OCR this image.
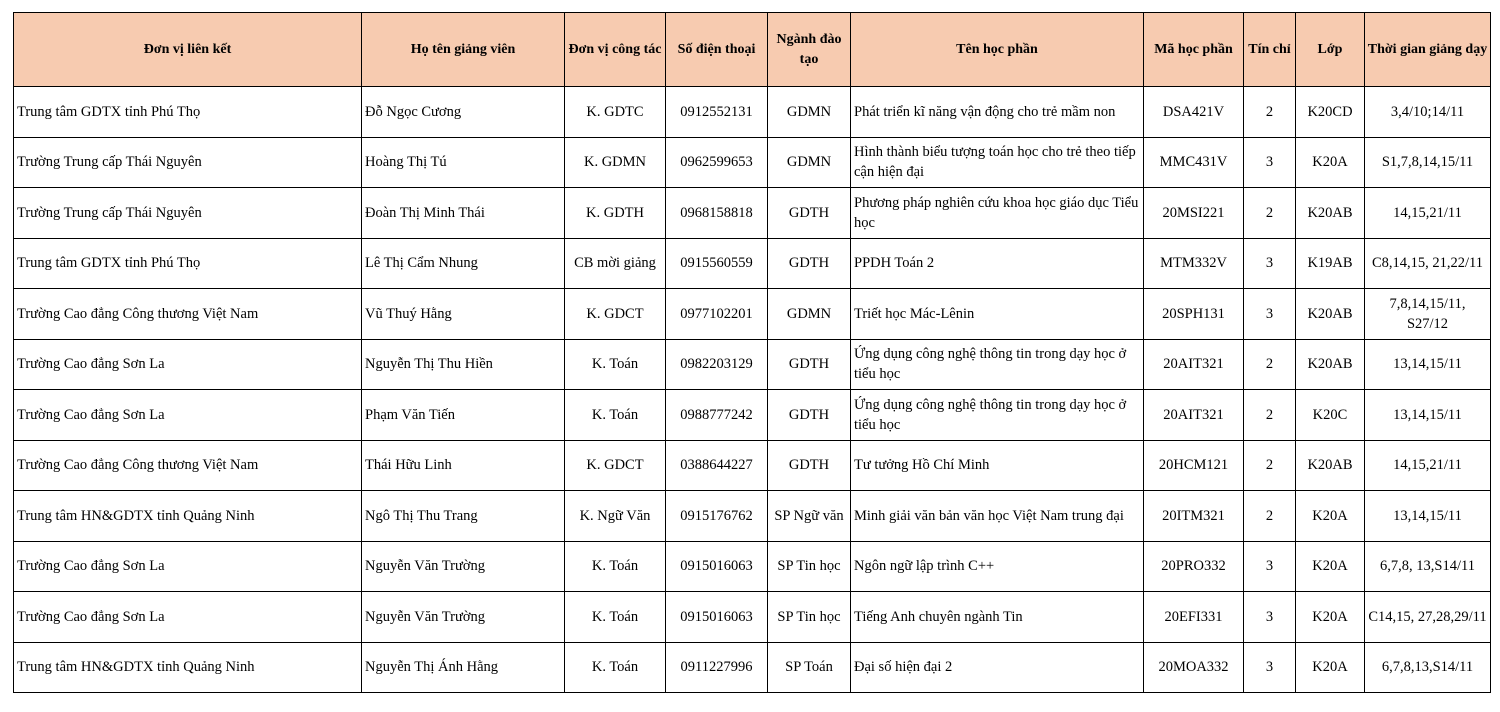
Đơn vị liên kết	Họ tên giảng viên	Đơn vị công tác	Số điện thoại	Ngành đào tạo	Tên học phần	Mã học phần	Tín chỉ	Lớp	Thời gian giảng dạy
Trung tâm GDTX tỉnh Phú Thọ	Đỗ Ngọc Cương	K. GDTC	0912552131	GDMN	Phát triển kĩ năng vận động cho trẻ mầm non	DSA421V	2	K20CD	3,4/10;14/11
Trường Trung cấp Thái Nguyên	Hoàng Thị Tú	K. GDMN	0962599653	GDMN	Hình thành biểu tượng toán học cho trẻ theo tiếp cận hiện đại	MMC431V	3	K20A	S1,7,8,14,15/11
Trường Trung cấp Thái Nguyên	Đoàn Thị Minh Thái	K. GDTH	0968158818	GDTH	Phương pháp nghiên cứu khoa học giáo dục Tiểu học	20MSI221	2	K20AB	14,15,21/11
Trung tâm GDTX tỉnh Phú Thọ	Lê Thị Cẩm Nhung	CB mời giảng	0915560559	GDTH	PPDH Toán 2	MTM332V	3	K19AB	C8,14,15, 21,22/11
Trường Cao đẳng Công thương Việt Nam	Vũ Thuý Hằng	K. GDCT	0977102201	GDMN	Triết học Mác-Lênin	20SPH131	3	K20AB	7,8,14,15/11, S27/12
Trường Cao đẳng Sơn La	Nguyễn Thị Thu Hiền	K. Toán	0982203129	GDTH	Ứng dụng công nghệ thông tin trong dạy học ở tiểu học	20AIT321	2	K20AB	13,14,15/11
Trường Cao đẳng Sơn La	Phạm Văn Tiến	K. Toán	0988777242	GDTH	Ứng dụng công nghệ thông tin trong dạy học ở tiểu học	20AIT321	2	K20C	13,14,15/11
Trường Cao đẳng Công thương Việt Nam	Thái Hữu Linh	K. GDCT	0388644227	GDTH	Tư tưởng Hồ Chí Minh	20HCM121	2	K20AB	14,15,21/11
Trung tâm HN&GDTX tỉnh Quảng Ninh	Ngô Thị Thu Trang	K. Ngữ Văn	0915176762	SP Ngữ văn	Minh giải văn bản văn học Việt Nam trung đại	20ITM321	2	K20A	13,14,15/11
Trường Cao đẳng Sơn La	Nguyễn Văn Trường	K. Toán	0915016063	SP Tin học	Ngôn ngữ lập trình C++	20PRO332	3	K20A	6,7,8, 13,S14/11
Trường Cao đẳng Sơn La	Nguyễn Văn Trường	K. Toán	0915016063	SP Tin học	Tiếng Anh chuyên ngành Tin	20EFI331	3	K20A	C14,15, 27,28,29/11
Trung tâm HN&GDTX tỉnh Quảng Ninh	Nguyễn Thị Ánh Hằng	K. Toán	0911227996	SP Toán	Đại số hiện đại 2	20MOA332	3	K20A	6,7,8,13,S14/11
